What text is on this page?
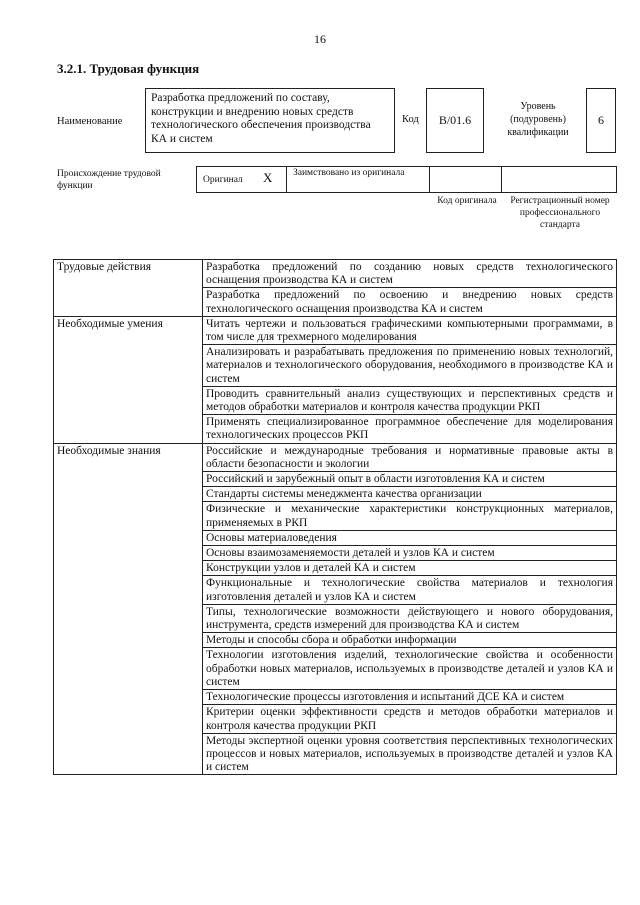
16
3.2.1. Трудовая функция
Наименование
Разработка предложений по составу, конструкции и внедрению новых средств технологического обеспечения производства КА и систем
Код B/01.6
Уровень (подуровень) квалификации
6
Происхождение трудовой функции
Оригинал X	Заимствовано из оригинала
Код оригинала	Регистрационный номер профессионального стандарта
Трудовые действия	Разработка предложений по созданию новых средств технологического оснащения производства КА и систем
	Разработка предложений по освоению и внедрению новых средств технологического оснащения производства КА и систем
Необходимые умения	Читать чертежи и пользоваться графическими компьютерными программами, в том числе для трехмерного моделирования
	Анализировать и разрабатывать предложения по применению новых технологий, материалов и технологического оборудования, необходимого в производстве КА и систем
	Проводить сравнительный анализ существующих и перспективных средств и методов обработки материалов и контроля качества продукции РКП
	Применять специализированное программное обеспечение для моделирования технологических процессов РКП
Необходимые знания	Российские и международные требования и нормативные правовые акты в области безопасности и экологии
	Российский и зарубежный опыт в области изготовления КА и систем
	Стандарты системы менеджмента качества организации
	Физические и механические характеристики конструкционных материалов, применяемых в РКП
	Основы материаловедения
	Основы взаимозаменяемости деталей и узлов КА и систем
	Конструкции узлов и деталей КА и систем
	Функциональные и технологические свойства материалов и технология изготовления деталей и узлов КА и систем
	Типы, технологические возможности действующего и нового оборудования, инструмента, средств измерений для производства КА и систем
	Методы и способы сбора и обработки информации
	Технологии изготовления изделий, технологические свойства и особенности обработки новых материалов, используемых в производстве деталей и узлов КА и систем
	Технологические процессы изготовления и испытаний ДСЕ КА и систем
	Критерии оценки эффективности средств и методов обработки материалов и контроля качества продукции РКП
	Методы экспертной оценки уровня соответствия перспективных технологических процессов и новых материалов, используемых в производстве деталей и узлов КА и систем
